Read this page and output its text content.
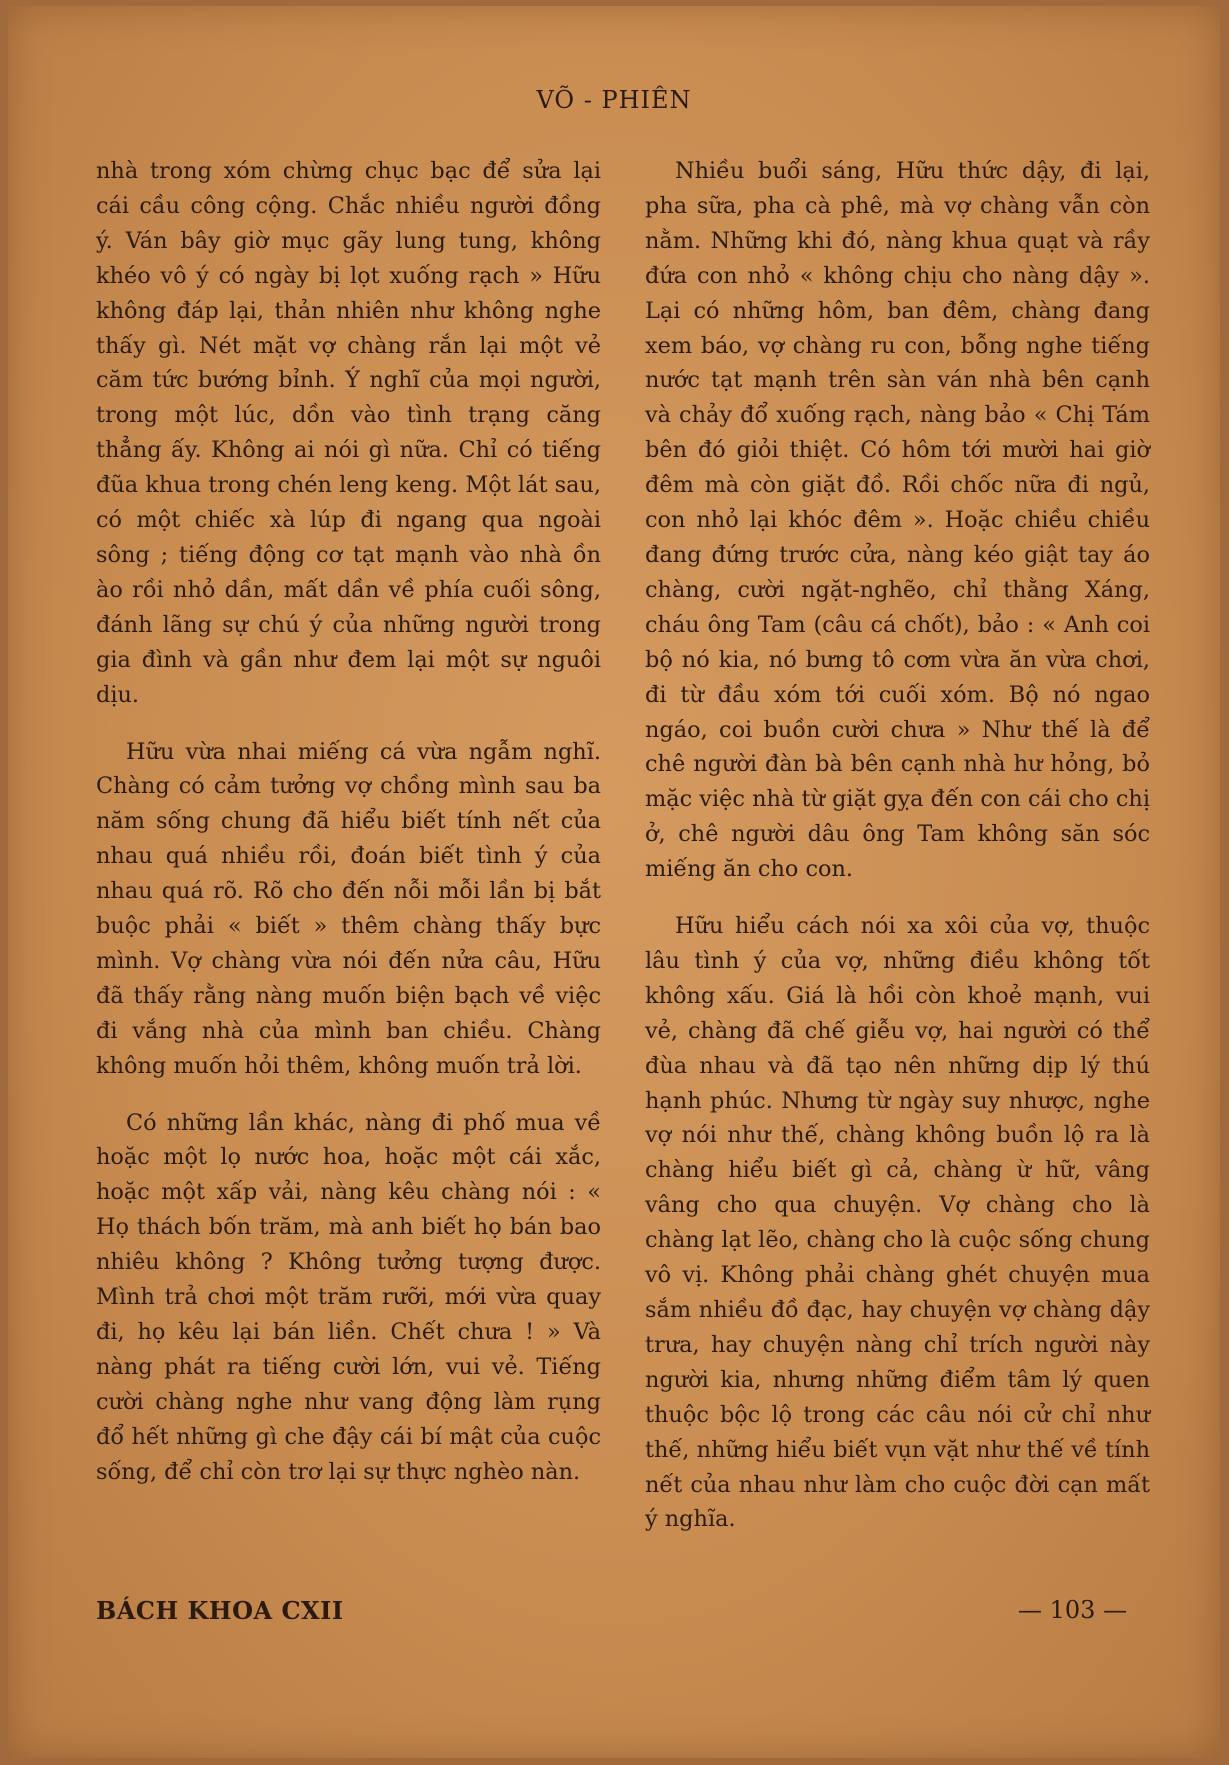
VÕ - PHIÊN

nhà trong xóm chừng chục bạc để sửa lại cái cầu công cộng. Chắc nhiều người đồng ý. Ván bây giờ mục gãy lung tung, không khéo vô ý có ngày bị lọt xuống rạch » Hữu không đáp lại, thản nhiên như không nghe thấy gì. Nét mặt vợ chàng rắn lại một vẻ căm tức bướng bỉnh. Ý nghĩ của mọi người, trong một lúc, dồn vào tình trạng căng thẳng ấy. Không ai nói gì nữa. Chỉ có tiếng đũa khua trong chén leng keng. Một lát sau, có một chiếc xà lúp đi ngang qua ngoài sông ; tiếng động cơ tạt mạnh vào nhà ồn ào rồi nhỏ dần, mất dần về phía cuối sông, đánh lãng sự chú ý của những người trong gia đình và gần như đem lại một sự nguôi dịu.

Hữu vừa nhai miếng cá vừa ngẫm nghĩ. Chàng có cảm tưởng vợ chồng mình sau ba năm sống chung đã hiểu biết tính nết của nhau quá nhiều rồi, đoán biết tình ý của nhau quá rõ. Rõ cho đến nỗi mỗi lần bị bắt buộc phải « biết » thêm chàng thấy bực mình. Vợ chàng vừa nói đến nửa câu, Hữu đã thấy rằng nàng muốn biện bạch về việc đi vắng nhà của mình ban chiều. Chàng không muốn hỏi thêm, không muốn trả lời.

Có những lần khác, nàng đi phố mua về hoặc một lọ nước hoa, hoặc một cái xắc, hoặc một xấp vải, nàng kêu chàng nói : « Họ thách bốn trăm, mà anh biết họ bán bao nhiêu không ? Không tưởng tượng được. Mình trả chơi một trăm rưỡi, mới vừa quay đi, họ kêu lại bán liền. Chết chưa ! » Và nàng phát ra tiếng cười lớn, vui vẻ. Tiếng cười chàng nghe như vang động làm rụng đổ hết những gì che đậy cái bí mật của cuộc sống, để chỉ còn trơ lại sự thực nghèo nàn.

Nhiều buổi sáng, Hữu thức dậy, đi lại, pha sữa, pha cà phê, mà vợ chàng vẫn còn nằm. Những khi đó, nàng khua quạt và rầy đứa con nhỏ « không chịu cho nàng dậy ». Lại có những hôm, ban đêm, chàng đang xem báo, vợ chàng ru con, bỗng nghe tiếng nước tạt mạnh trên sàn ván nhà bên cạnh và chảy đổ xuống rạch, nàng bảo « Chị Tám bên đó giỏi thiệt. Có hôm tới mười hai giờ đêm mà còn giặt đồ. Rồi chốc nữa đi ngủ, con nhỏ lại khóc đêm ». Hoặc chiều chiều đang đứng trước cửa, nàng kéo giật tay áo chàng, cười ngặt-nghẽo, chỉ thằng Xáng, cháu ông Tam (câu cá chốt), bảo : « Anh coi bộ nó kia, nó bưng tô cơm vừa ăn vừa chơi, đi từ đầu xóm tới cuối xóm. Bộ nó ngao ngáo, coi buồn cười chưa » Như thế là để chê người đàn bà bên cạnh nhà hư hỏng, bỏ mặc việc nhà từ giặt gỵa đến con cái cho chị ở, chê người dâu ông Tam không săn sóc miếng ăn cho con.

Hữu hiểu cách nói xa xôi của vợ, thuộc lâu tình ý của vợ, những điều không tốt không xấu. Giá là hồi còn khoẻ mạnh, vui vẻ, chàng đã chế giễu vợ, hai người có thể đùa nhau và đã tạo nên những dịp lý thú hạnh phúc. Nhưng từ ngày suy nhược, nghe vợ nói như thế, chàng không buồn lộ ra là chàng hiểu biết gì cả, chàng ừ hữ, vâng vâng cho qua chuyện. Vợ chàng cho là chàng lạt lẽo, chàng cho là cuộc sống chung vô vị. Không phải chàng ghét chuyện mua sắm nhiều đồ đạc, hay chuyện vợ chàng dậy trưa, hay chuyện nàng chỉ trích người này người kia, nhưng những điểm tâm lý quen thuộc bộc lộ trong các câu nói cử chỉ như thế, những hiểu biết vụn vặt như thế về tính nết của nhau như làm cho cuộc đời cạn mất ý nghĩa.

BÁCH KHOA CXII	— 103 —
